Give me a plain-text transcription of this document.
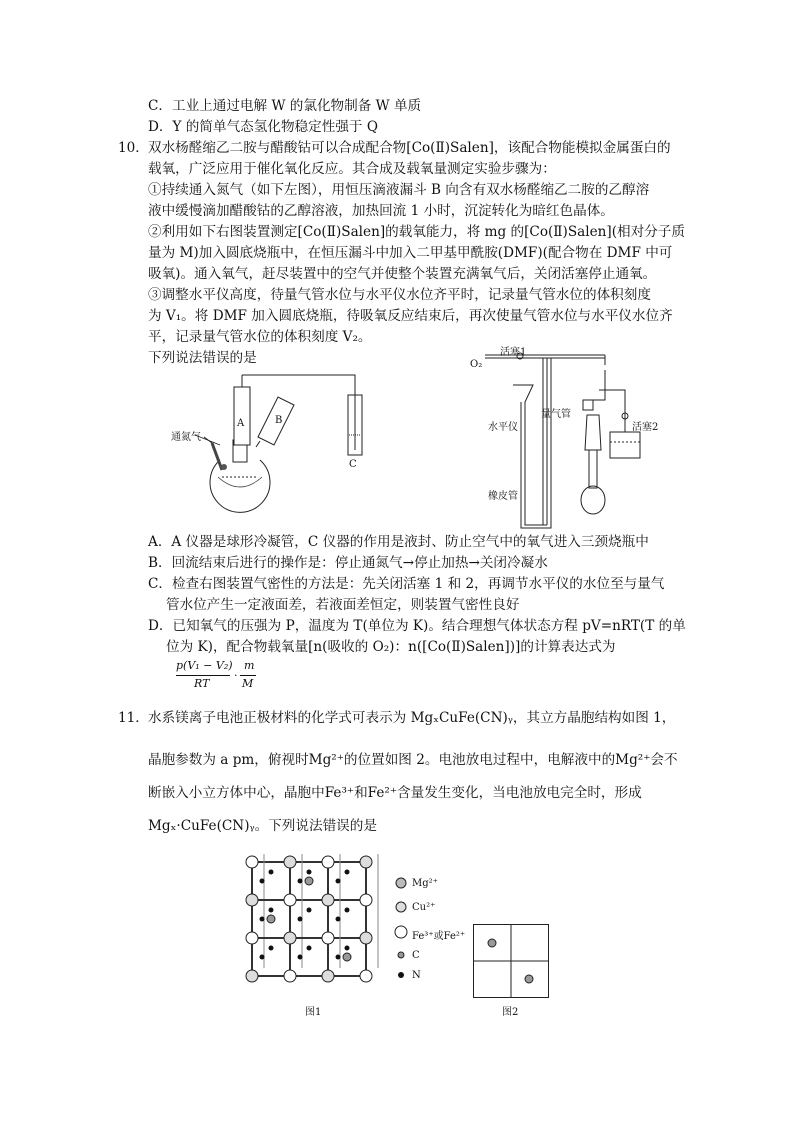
C．工业上通过电解 W 的氯化物制备 W 单质
D．Y 的简单气态氢化物稳定性强于 Q
10． 双水杨醛缩乙二胺与醋酸钴可以合成配合物[Co(Ⅱ)Salen]，该配合物能模拟金属蛋白的
载氧，广泛应用于催化氧化反应。其合成及载氧量测定实验步骤为：
①持续通入氮气（如下左图），用恒压滴液漏斗 B 向含有双水杨醛缩乙二胺的乙醇溶
液中缓慢滴加醋酸钴的乙醇溶液，加热回流 1 小时，沉淀转化为暗红色晶体。
②利用如下右图装置测定[Co(Ⅱ)Salen]的载氧能力，将 mg 的[Co(Ⅱ)Salen](相对分子质
量为 M)加入圆底烧瓶中，在恒压漏斗中加入二甲基甲酰胺(DMF)(配合物在 DMF 中可
吸氧)。通入氧气，赶尽装置中的空气并使整个装置充满氧气后，关闭活塞停止通氧。
③调整水平仪高度，待量气管水位与水平仪水位齐平时，记录量气管水位的体积刻度
为 V₁。将 DMF 加入圆底烧瓶，待吸氧反应结束后，再次使量气管水位与水平仪水位齐
平，记录量气管水位的体积刻度 V₂。
下列说法错误的是
通氮气
A	B
C
活塞1
O₂
水平仪
量气管
活塞2
橡皮管
A．A 仪器是球形冷凝管，C 仪器的作用是液封、防止空气中的氧气进入三颈烧瓶中
B．回流结束后进行的操作是：停止通氮气→停止加热→关闭冷凝水
C．检查右图装置气密性的方法是：先关闭活塞 1 和 2，再调节水平仪的水位至与量气
管水位产生一定液面差，若液面差恒定，则装置气密性良好
D．已知氧气的压强为 P，温度为 T(单位为 K)。结合理想气体状态方程 pV=nRT(T 的单
位为 K)，配合物载氧量[n(吸收的 O₂)：n([Co(Ⅱ)Salen])]的计算表达式为
p(V₁ − V₂)
RT
·
m
M
11． 水系镁离子电池正极材料的化学式可表示为 MgₓCuFe(CN)ᵧ，其立方晶胞结构如图 1，
晶胞参数为 a pm，俯视时Mg²⁺的位置如图 2。电池放电过程中，电解液中的Mg²⁺会不
断嵌入小立方体中心，晶胞中Fe³⁺和Fe²⁺含量发生变化，当电池放电完全时，形成
Mgₓ·CuFe(CN)ᵧ。下列说法错误的是
图1
Mg²⁺
Cu²⁺
Fe³⁺或Fe²⁺
C
N
图2
